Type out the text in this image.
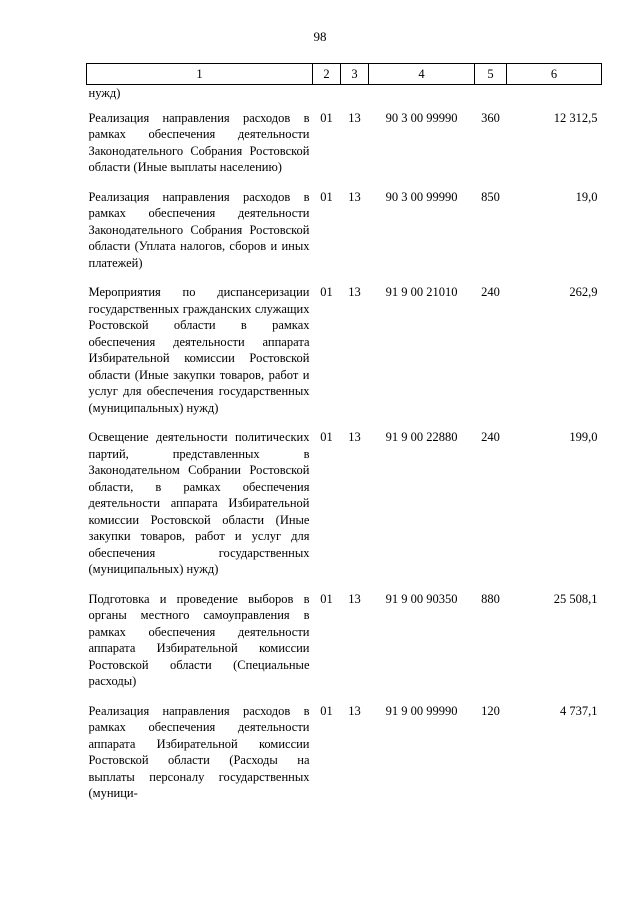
98
1	2	3	4	5	6
нужд)					
Реализация направления расходов в рамках обеспечения деятельности Законодательного Собрания Ростовской области (Иные выплаты населению)	01	13	90 3 00 99990	360	12 312,5
Реализация направления расходов в рамках обеспечения деятельности Законодательного Собрания Ростовской области (Уплата налогов, сборов и иных платежей)	01	13	90 3 00 99990	850	19,0
Мероприятия по диспансеризации государственных гражданских служащих Ростовской области в рамках обеспечения деятельности аппарата Избирательной комиссии Ростовской области (Иные закупки товаров, работ и услуг для обеспечения государственных (муниципальных) нужд)	01	13	91 9 00 21010	240	262,9
Освещение деятельности политических партий, представленных в Законодательном Собрании Ростовской области, в рамках обеспечения деятельности аппарата Избирательной комиссии Ростовской области (Иные закупки товаров, работ и услуг для обеспечения государственных (муниципальных) нужд)	01	13	91 9 00 22880	240	199,0
Подготовка и проведение выборов в органы местного самоуправления в рамках обеспечения деятельности аппарата Избирательной комиссии Ростовской области (Специальные расходы)	01	13	91 9 00 90350	880	25 508,1
Реализация направления расходов в рамках обеспечения деятельности аппарата Избирательной комиссии Ростовской области (Расходы на выплаты персоналу государственных (муници-	01	13	91 9 00 99990	120	4 737,1
